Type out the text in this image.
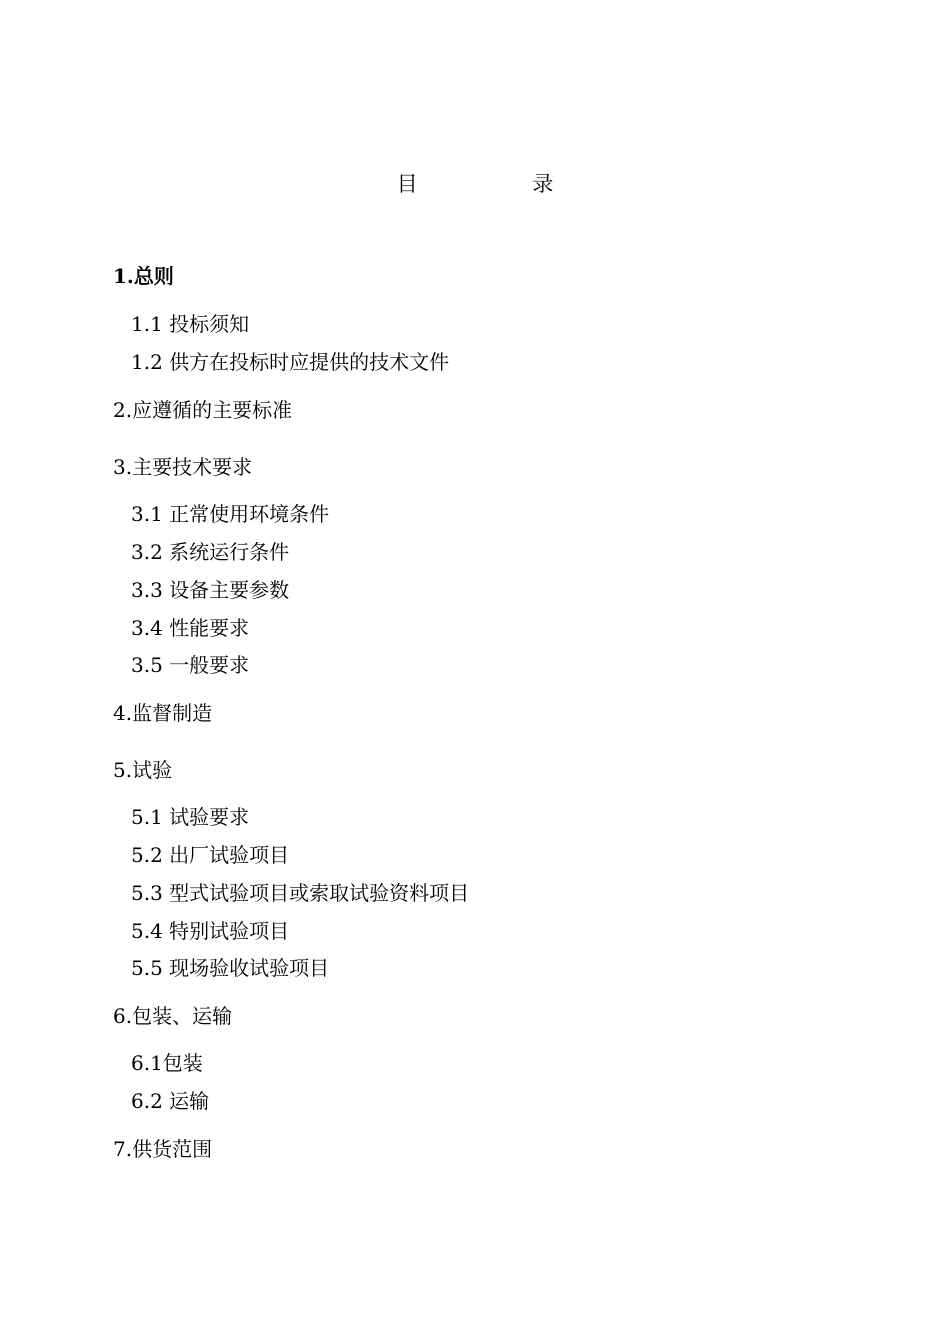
目 录
1.总则
1.1 投标须知
1.2 供方在投标时应提供的技术文件
2.应遵循的主要标准
3.主要技术要求
3.1 正常使用环境条件
3.2 系统运行条件
3.3 设备主要参数
3.4 性能要求
3.5 一般要求
4.监督制造
5.试验
5.1 试验要求
5.2 出厂试验项目
5.3 型式试验项目或索取试验资料项目
5.4 特别试验项目
5.5 现场验收试验项目
6.包装、运输
6.1包装
6.2 运输
7.供货范围
